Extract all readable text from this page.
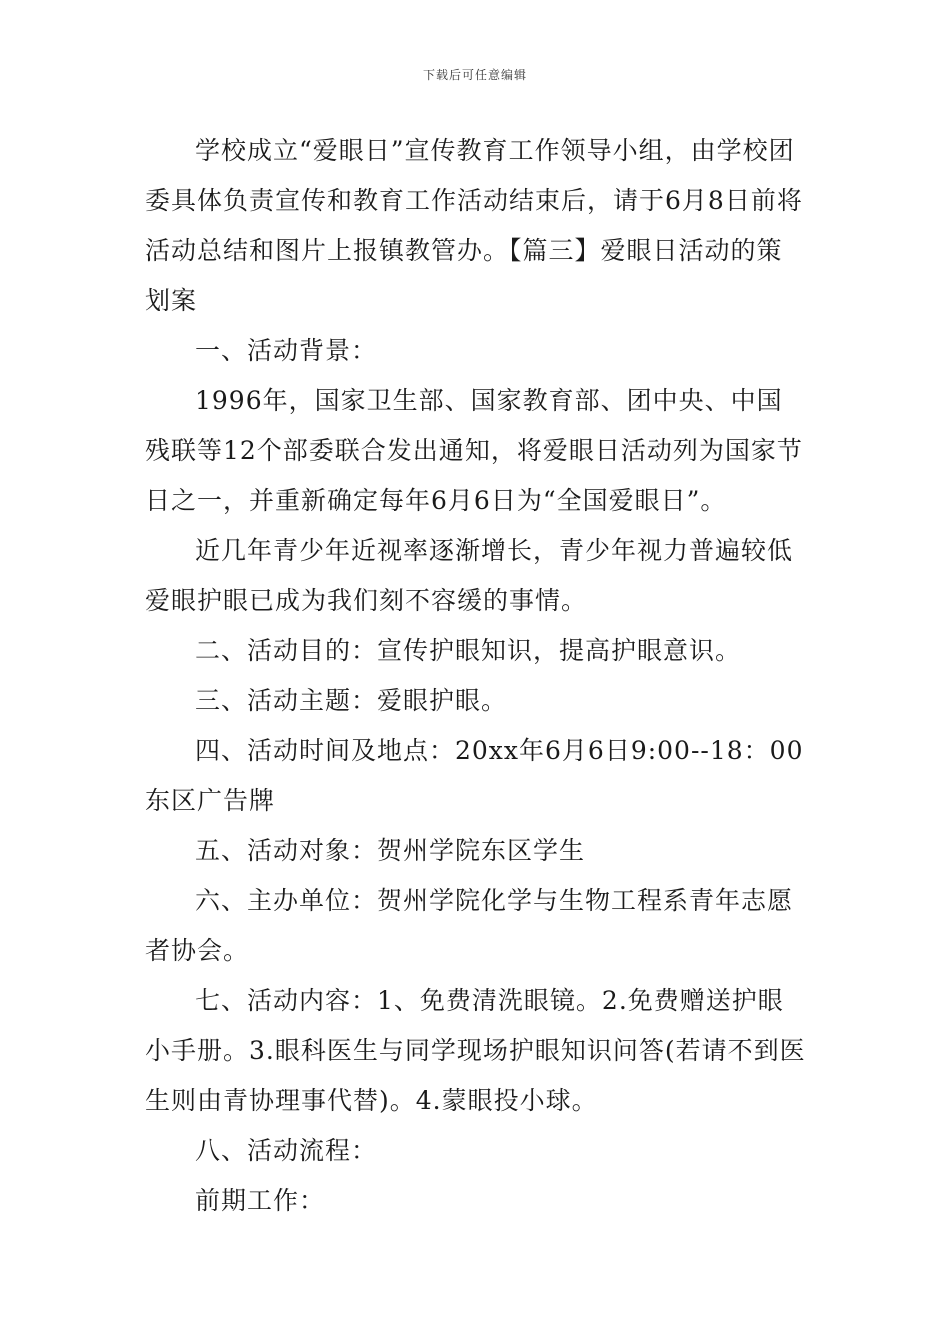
下载后可任意编辑

学校成立“爱眼日”宣传教育工作领导小组，由学校团委具体负责宣传和教育工作活动结束后，请于6月8日前将活动总结和图片上报镇教管办。【篇三】爱眼日活动的策划案

一、活动背景：

1996年，国家卫生部、国家教育部、团中央、中国残联等12个部委联合发出通知，将爱眼日活动列为国家节日之一，并重新确定每年6月6日为“全国爱眼日”。

近几年青少年近视率逐渐增长，青少年视力普遍较低爱眼护眼已成为我们刻不容缓的事情。

二、活动目的：宣传护眼知识，提高护眼意识。

三、活动主题：爱眼护眼。

四、活动时间及地点：20xx年6月6日9:00--18：00东区广告牌

五、活动对象：贺州学院东区学生

六、主办单位：贺州学院化学与生物工程系青年志愿者协会。

七、活动内容：1、免费清洗眼镜。2.免费赠送护眼小手册。3.眼科医生与同学现场护眼知识问答(若请不到医生则由青协理事代替)。4.蒙眼投小球。

八、活动流程：

前期工作：
